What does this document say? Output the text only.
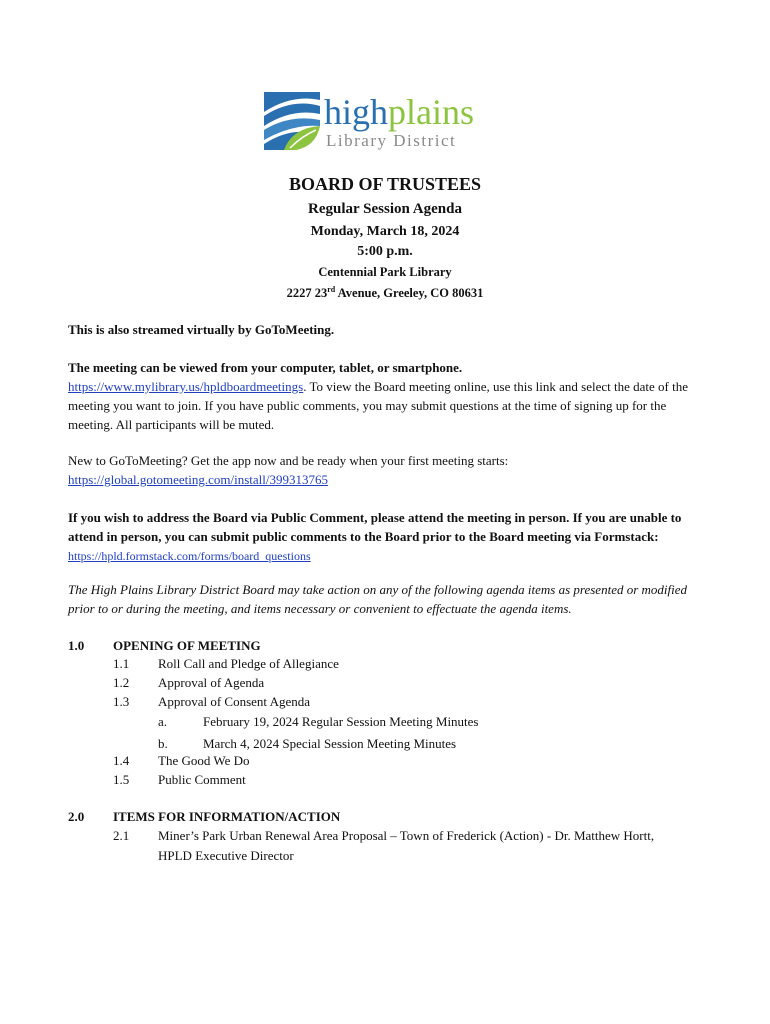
highplains
Library District
BOARD OF TRUSTEES
Regular Session Agenda
Monday, March 18, 2024
5:00 p.m.
Centennial Park Library
2227 23rd Avenue, Greeley, CO 80631
This is also streamed virtually by GoToMeeting.
The meeting can be viewed from your computer, tablet, or smartphone.
https://www.mylibrary.us/hpldboardmeetings. To view the Board meeting online, use this link and select the date of the meeting you want to join. If you have public comments, you may submit questions at the time of signing up for the meeting. All participants will be muted.
New to GoToMeeting? Get the app now and be ready when your first meeting starts:
https://global.gotomeeting.com/install/399313765
If you wish to address the Board via Public Comment, please attend the meeting in person. If you are unable to attend in person, you can submit public comments to the Board prior to the Board meeting via Formstack: https://hpld.formstack.com/forms/board_questions
The High Plains Library District Board may take action on any of the following agenda items as presented or modified prior to or during the meeting, and items necessary or convenient to effectuate the agenda items.
1.0 OPENING OF MEETING
1.1 Roll Call and Pledge of Allegiance
1.2 Approval of Agenda
1.3 Approval of Consent Agenda
a.	February 19, 2024 Regular Session Meeting Minutes
b.	March 4, 2024 Special Session Meeting Minutes
1.4 The Good We Do
1.5 Public Comment
2.0 ITEMS FOR INFORMATION/ACTION
2.1 Miner’s Park Urban Renewal Area Proposal – Town of Frederick (Action) - Dr. Matthew Hortt,
HPLD Executive Director
